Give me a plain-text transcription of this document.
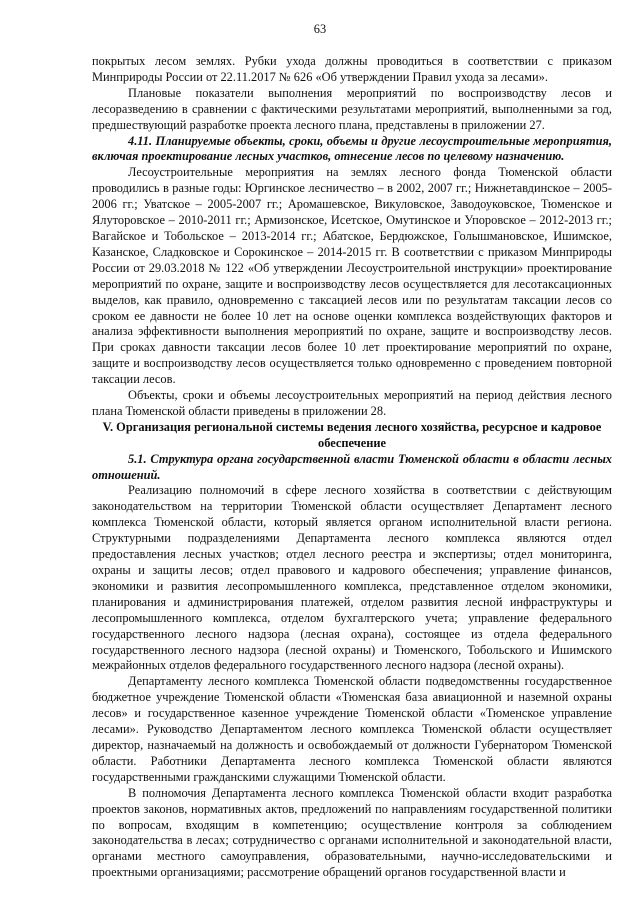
63

покрытых лесом землях. Рубки ухода должны проводиться в соответствии с приказом Минприроды России от 22.11.2017 № 626 «Об утверждении Правил ухода за лесами».

Плановые показатели выполнения мероприятий по воспроизводству лесов и лесоразведению в сравнении с фактическими результатами мероприятий, выполненными за год, предшествующий разработке проекта лесного плана, представлены в приложении 27.

4.11. Планируемые объекты, сроки, объемы и другие лесоустроительные мероприятия, включая проектирование лесных участков, отнесение лесов по целевому назначению.

Лесоустроительные мероприятия на землях лесного фонда Тюменской области проводились в разные годы: Юргинское лесничество – в 2002, 2007 гг.; Нижнетавдинское – 2005-2006 гг.; Уватское – 2005-2007 гг.; Аромашевское, Викуловское, Заводоуковское, Тюменское и Ялуторовское – 2010-2011 гг.; Армизонское, Исетское, Омутинское и Упоровское – 2012-2013 гг.; Вагайское и Тобольское – 2013-2014 гг.; Абатское, Бердюжское, Голышмановское, Ишимское, Казанское, Сладковское и Сорокинское – 2014-2015 гг. В соответствии с приказом Минприроды России от 29.03.2018 № 122 «Об утверждении Лесоустроительной инструкции» проектирование мероприятий по охране, защите и воспроизводству лесов осуществляется для лесотаксационных выделов, как правило, одновременно с таксацией лесов или по результатам таксации лесов со сроком ее давности не более 10 лет на основе оценки комплекса воздействующих факторов и анализа эффективности выполнения мероприятий по охране, защите и воспроизводству лесов. При сроках давности таксации лесов более 10 лет проектирование мероприятий по охране, защите и воспроизводству лесов осуществляется только одновременно с проведением повторной таксации лесов.

Объекты, сроки и объемы лесоустроительных мероприятий на период действия лесного плана Тюменской области приведены в приложении 28.

V. Организация региональной системы ведения лесного хозяйства, ресурсное и кадровое обеспечение

5.1. Структура органа государственной власти Тюменской области в области лесных отношений.

Реализацию полномочий в сфере лесного хозяйства в соответствии с действующим законодательством на территории Тюменской области осуществляет Департамент лесного комплекса Тюменской области, который является органом исполнительной власти региона. Структурными подразделениями Департамента лесного комплекса являются отдел предоставления лесных участков; отдел лесного реестра и экспертизы; отдел мониторинга, охраны и защиты лесов; отдел правового и кадрового обеспечения; управление финансов, экономики и развития лесопромышленного комплекса, представленное отделом экономики, планирования и администрирования платежей, отделом развития лесной инфраструктуры и лесопромышленного комплекса, отделом бухгалтерского учета; управление федерального государственного лесного надзора (лесная охрана), состоящее из отдела федерального государственного лесного надзора (лесной охраны) и Тюменского, Тобольского и Ишимского межрайонных отделов федерального государственного лесного надзора (лесной охраны).

Департаменту лесного комплекса Тюменской области подведомственны государственное бюджетное учреждение Тюменской области «Тюменская база авиационной и наземной охраны лесов» и государственное казенное учреждение Тюменской области «Тюменское управление лесами». Руководство Департаментом лесного комплекса Тюменской области осуществляет директор, назначаемый на должность и освобождаемый от должности Губернатором Тюменской области. Работники Департамента лесного комплекса Тюменской области являются государственными гражданскими служащими Тюменской области.

В полномочия Департамента лесного комплекса Тюменской области входит разработка проектов законов, нормативных актов, предложений по направлениям государственной политики по вопросам, входящим в компетенцию; осуществление контроля за соблюдением законодательства в лесах; сотрудничество с органами исполнительной и законодательной власти, органами местного самоуправления, образовательными, научно-исследовательскими и проектными организациями; рассмотрение обращений органов государственной власти и
